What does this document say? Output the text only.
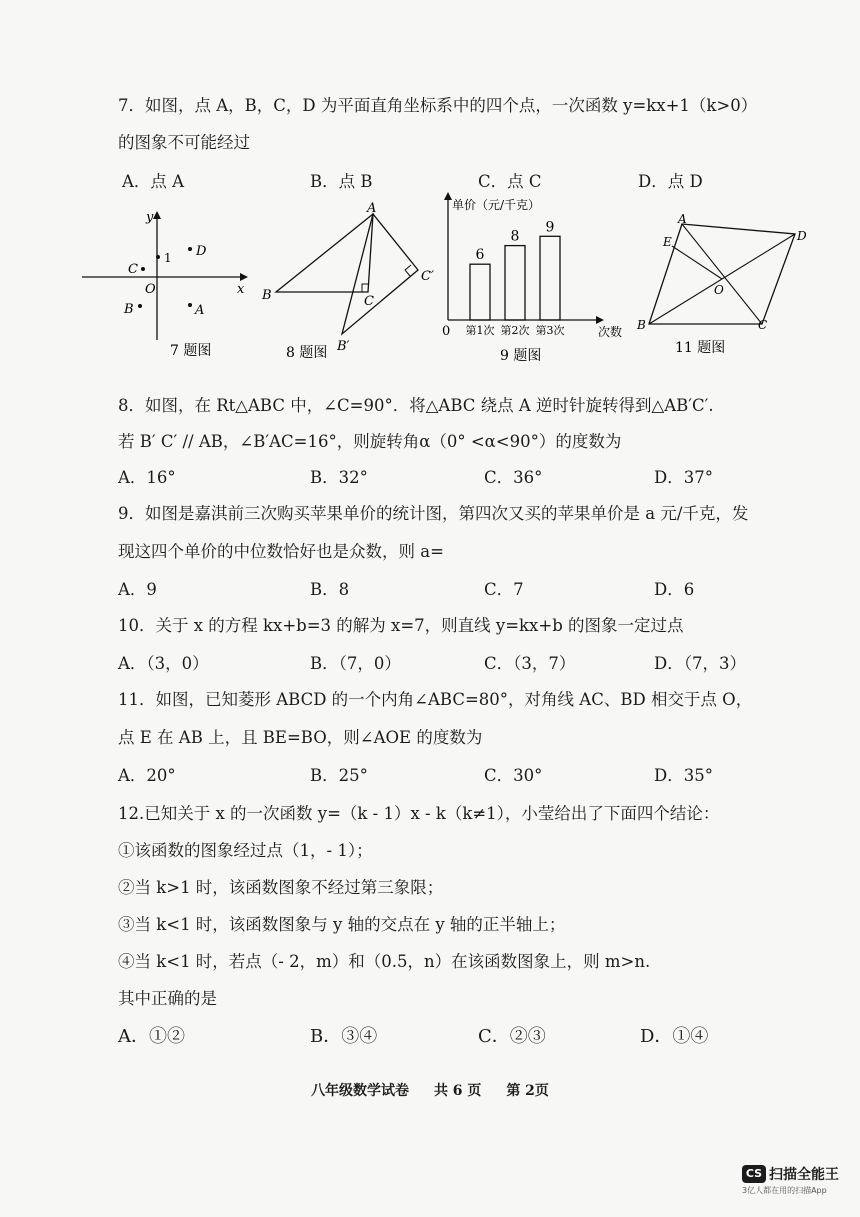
7．如图，点 A，B，C，D 为平面直角坐标系中的四个点，一次函数 y=kx+1（k>0）
的图象不可能经过
A．点 A	B．点 B	C．点 C	D．点 D
y
x
O
1 D
C
B	A
7 题图
A
B	C
B′
C′
8 题图
单价（元/千克）
次数
0
6
第1次
8
第2次
9
第3次
9 题图
A
D
B	C
E
O
11 题图
8．如图，在 Rt△ABC 中，∠C=90°．将△ABC 绕点 A 逆时针旋转得到△AB′C′.
若 B′ C′ // AB，∠B′AC=16°，则旋转角α（0° <α<90°）的度数为
A．16°	B．32°	C．36°	D．37°
9．如图是嘉淇前三次购买苹果单价的统计图，第四次又买的苹果单价是 a 元/千克，发
现这四个单价的中位数恰好也是众数，则 a=
A．9	B．8	C．7	D．6
10．关于 x 的方程 kx+b=3 的解为 x=7，则直线 y=kx+b 的图象一定过点
A．（3，0）	B．（7，0）	C．（3，7）	D．（7，3）
11．如图，已知菱形 ABCD 的一个内角∠ABC=80°，对角线 AC、BD 相交于点 O，
点 E 在 AB 上，且 BE=BO，则∠AOE 的度数为
A．20°	B．25°	C．30°	D．35°
12.已知关于 x 的一次函数 y=（k - 1）x - k（k≠1），小莹给出了下面四个结论：
①该函数的图象经过点（1，- 1）；
②当 k>1 时，该函数图象不经过第三象限；
③当 k<1 时，该函数图象与 y 轴的交点在 y 轴的正半轴上；
④当 k<1 时，若点（- 2，m）和（0.5，n）在该函数图象上，则 m>n.
其中正确的是
A．①②	B．③④	C．②③	D．①④
八年级数学试卷 共 6 页 第 2页
CS 扫描全能王
3亿人都在用的扫描App
